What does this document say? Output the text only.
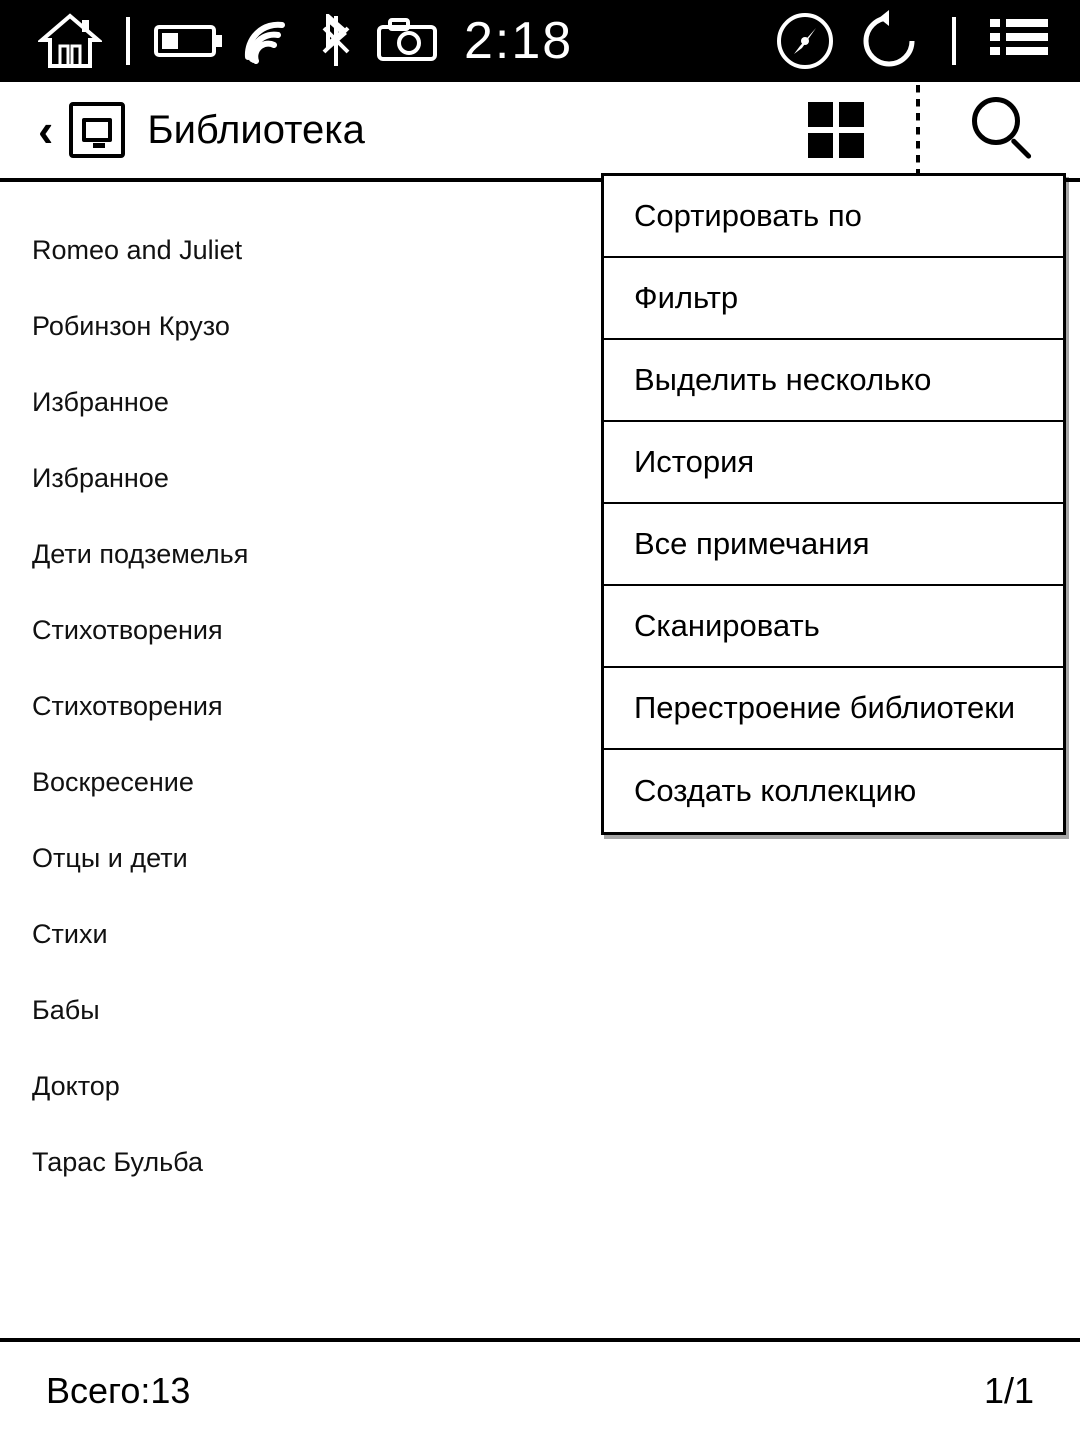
2:18
‹ Библиотека
Romeo and Juliet
Робинзон Крузо
Избранное
Избранное
Дети подземелья
Стихотворения
Стихотворения
Воскресение
Отцы и дети
Стихи
Бабы
Доктор
Тарас Бульба
Сортировать по
Фильтр
Выделить несколько
История
Все примечания
Сканировать
Перестроение библиотеки
Создать коллекцию
Всего:13	1/1
